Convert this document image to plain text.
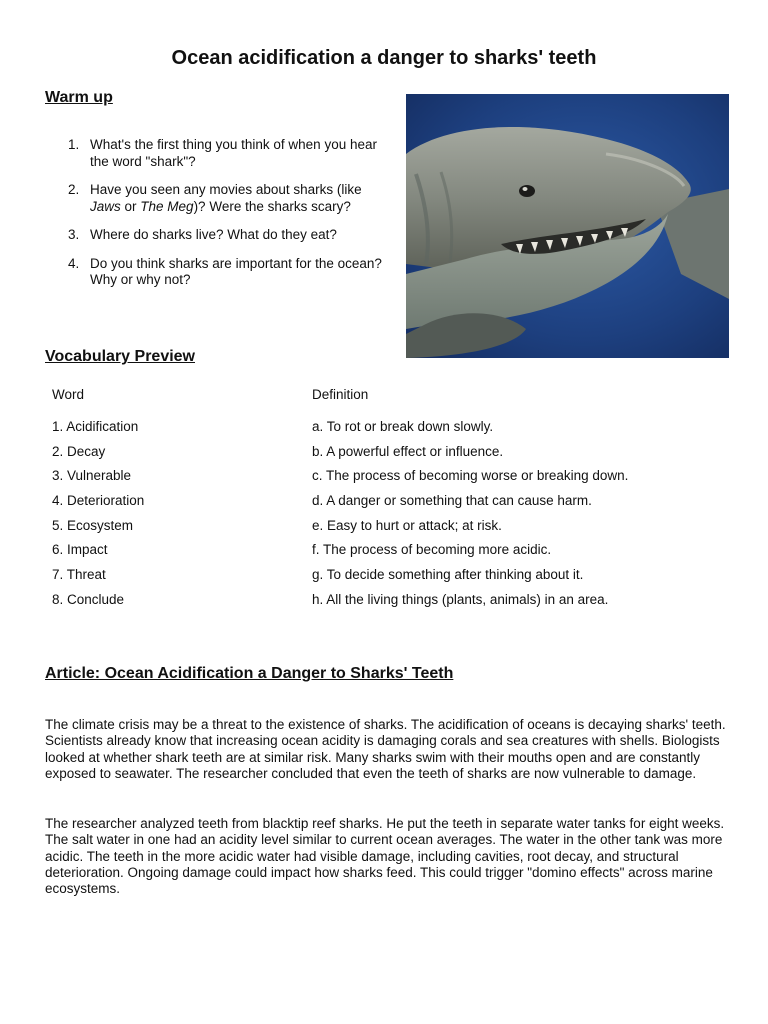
Ocean acidification a danger to sharks' teeth
Warm up
1. What's the first thing you think of when you hear the word "shark"?
2. Have you seen any movies about sharks (like Jaws or The Meg)? Were the sharks scary?
3. Where do sharks live? What do they eat?
4. Do you think sharks are important for the ocean? Why or why not?
Vocabulary Preview
Word	Definition
1. Acidification	a. To rot or break down slowly.
2. Decay	b. A powerful effect or influence.
3. Vulnerable	c. The process of becoming worse or breaking down.
4. Deterioration	d. A danger or something that can cause harm.
5. Ecosystem	e. Easy to hurt or attack; at risk.
6. Impact	f. The process of becoming more acidic.
7. Threat	g. To decide something after thinking about it.
8. Conclude	h. All the living things (plants, animals) in an area.
Article: Ocean Acidification a Danger to Sharks' Teeth

The climate crisis may be a threat to the existence of sharks. The acidification of oceans is decaying sharks' teeth. Scientists already know that increasing ocean acidity is damaging corals and sea creatures with shells. Biologists looked at whether shark teeth are at similar risk. Many sharks swim with their mouths open and are constantly exposed to seawater. The researcher concluded that even the teeth of sharks are now vulnerable to damage.

The researcher analyzed teeth from blacktip reef sharks. He put the teeth in separate water tanks for eight weeks. The salt water in one had an acidity level similar to current ocean averages. The water in the other tank was more acidic. The teeth in the more acidic water had visible damage, including cavities, root decay, and structural deterioration. Ongoing damage could impact how sharks feed. This could trigger "domino effects" across marine ecosystems.
